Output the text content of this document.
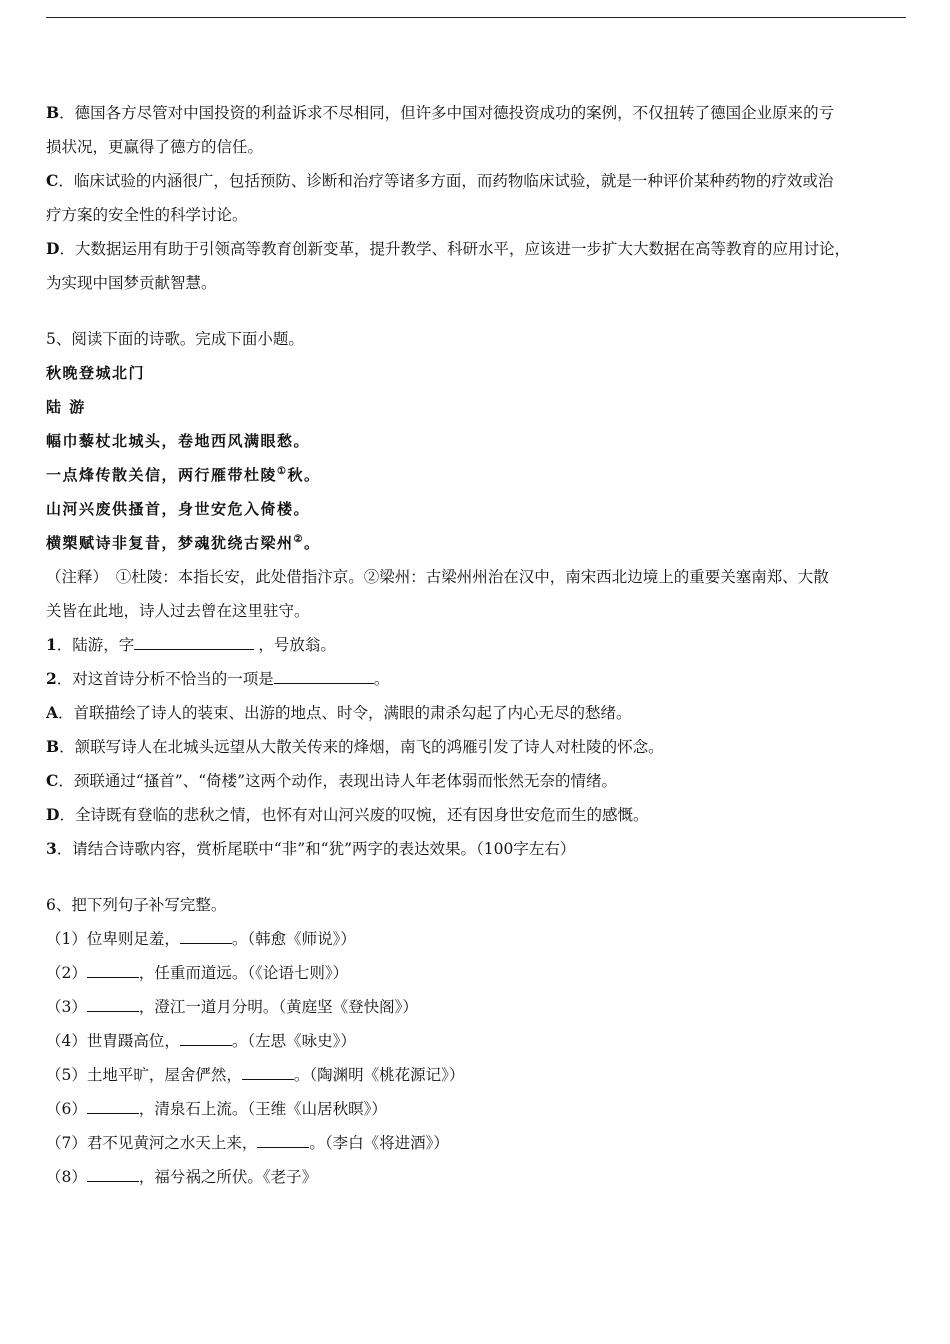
B．德国各方尽管对中国投资的利益诉求不尽相同，但许多中国对德投资成功的案例，不仅扭转了德国企业原来的亏

损状况，更赢得了德方的信任。

C．临床试验的内涵很广，包括预防、诊断和治疗等诸多方面，而药物临床试验，就是一种评价某种药物的疗效或治

疗方案的安全性的科学讨论。

D．大数据运用有助于引领高等教育创新变革，提升教学、科研水平，应该进一步扩大大数据在高等教育的应用讨论，

为实现中国梦贡献智慧。

5、阅读下面的诗歌。完成下面小题。

秋晚登城北门

陆 游

幅巾藜杖北城头，卷地西风满眼愁。

一点烽传散关信，两行雁带杜陵①秋。

山河兴废供搔首，身世安危入倚楼。

横槊赋诗非复昔，梦魂犹绕古梁州②。

（注释）　①杜陵：本指长安，此处借指汴京。②梁州：古梁州州治在汉中，南宋西北边境上的重要关塞南郑、大散

关皆在此地，诗人过去曾在这里驻守。

1．陆游，字	，号放翁。

2．对这首诗分析不恰当的一项是	。

A．首联描绘了诗人的装束、出游的地点、时令，满眼的肃杀勾起了内心无尽的愁绪。

B．颔联写诗人在北城头远望从大散关传来的烽烟，南飞的鸿雁引发了诗人对杜陵的怀念。

C．颈联通过“搔首”、“倚楼”这两个动作，表现出诗人年老体弱而怅然无奈的情绪。

D．全诗既有登临的悲秋之情，也怀有对山河兴废的叹惋，还有因身世安危而生的感慨。

3．请结合诗歌内容，赏析尾联中“非”和“犹”两字的表达效果。（100字左右）

6、把下列句子补写完整。

（1）位卑则足羞，	。（韩愈《师说》）

（2）	，任重而道远。（《论语七则》）

（3）	，澄江一道月分明。（黄庭坚《登快阁》）

（4）世胄蹑高位，	。（左思《咏史》）

（5）土地平旷，屋舍俨然，	。（陶渊明《桃花源记》）

（6）	，清泉石上流。（王维《山居秋暝》）

（7）君不见黄河之水天上来，	。（李白《将进酒》）

（8）	，福兮祸之所伏。《老子》
